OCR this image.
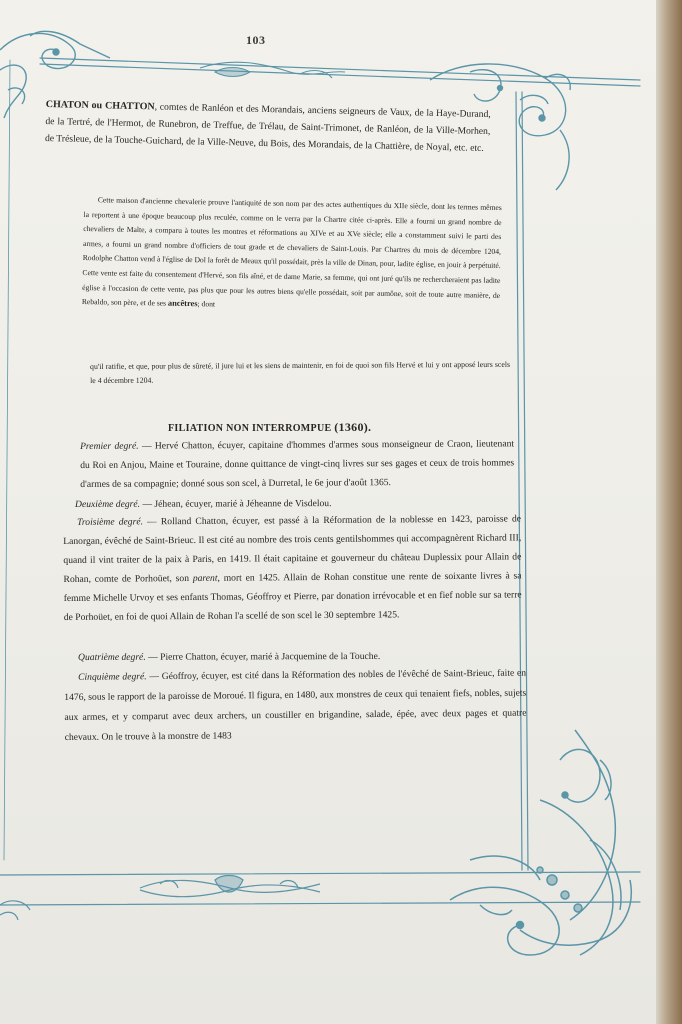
103
CHATON ou CHATTON, comtes de Ranléon et des Morandais, anciens seigneurs de Vaux, de la Haye-Durand, de la Tertré, de l'Hermot, de Runebron, de Treffue, de Trélau, de Saint-Trimonet, de Ranléon, de la Ville-Morhen, de Trésleue, de la Touche-Guichard, de la Ville-Neuve, du Bois, des Morandais, de la Chattière, de Noyal, etc. etc.
Cette maison d'ancienne chevalerie prouve l'antiquité de son nom par des actes authentiques du XIIe siècle, dont les termes mêmes la reportent à une époque beaucoup plus reculée, comme on le verra par la Chartre citée ci-après. Elle a fourni un grand nombre de chevaliers de Malte, a comparu à toutes les montres et réformations au XIVe et au XVe siècle; elle a constamment suivi le parti des armes, a fourni un grand nombre d'officiers de tout grade et de chevaliers de Saint-Louis. Par Chartres du mois de décembre 1204, Rodolphe Chatton vend à l'église de Dol la forêt de Meaux qu'il possédait, près la ville de Dinan, pour, ladite église, en jouir à perpétuité. Cette vente est faite du consentement d'Hervé, son fils aîné, et de dame Marie, sa femme, qui ont juré qu'ils ne rechercheraient pas ladite église à l'occasion de cette vente, pas plus que pour les autres biens qu'elle possédait, soit par aumône, soit de toute autre manière, de Rebaldo, son père, et de ses ancêtres; dont
qu'il ratifie, et que, pour plus de sûreté, il jure lui et les siens de maintenir, en foi de quoi son fils Hervé et lui y ont apposé leurs scels le 4 décembre 1204.
FILIATION NON INTERROMPUE (1360).
Premier degré. — Hervé Chatton, écuyer, capitaine d'hommes d'armes sous monseigneur de Craon, lieutenant du Roi en Anjou, Maine et Touraine, donne quittance de vingt-cinq livres sur ses gages et ceux de trois hommes d'armes de sa compagnie; donné sous son scel, à Durretal, le 6e jour d'août 1365.
Deuxième degré. — Jéhean, écuyer, marié à Jéheanne de Visdelou.
Troisième degré. — Rolland Chatton, écuyer, est passé à la Réformation de la noblesse en 1423, paroisse de Lanorgan, évêché de Saint-Brieuc. Il est cité au nombre des trois cents gentilshommes qui accompagnèrent Richard III, quand il vint traiter de la paix à Paris, en 1419. Il était capitaine et gouverneur du château Duplessix pour Allain de Rohan, comte de Porhoüet, son parent, mort en 1425. Allain de Rohan constitue une rente de soixante livres à sa femme Michelle Urvoy et ses enfants Thomas, Géoffroy et Pierre, par donation irrévocable et en fief noble sur sa terre de Porhoüet, en foi de quoi Allain de Rohan l'a scellé de son scel le 30 septembre 1425.
Quatrième degré. — Pierre Chatton, écuyer, marié à Jacquemine de la Touche.
Cinquième degré. — Géoffroy, écuyer, est cité dans la Réformation des nobles de l'évêché de Saint-Brieuc, faite en 1476, sous le rapport de la paroisse de Moroué. Il figura, en 1480, aux monstres de ceux qui tenaient fiefs, nobles, sujets aux armes, et y comparut avec deux archers, un coustiller en brigandine, salade, épée, avec deux pages et quatre chevaux. On le trouve à la monstre de 1483
